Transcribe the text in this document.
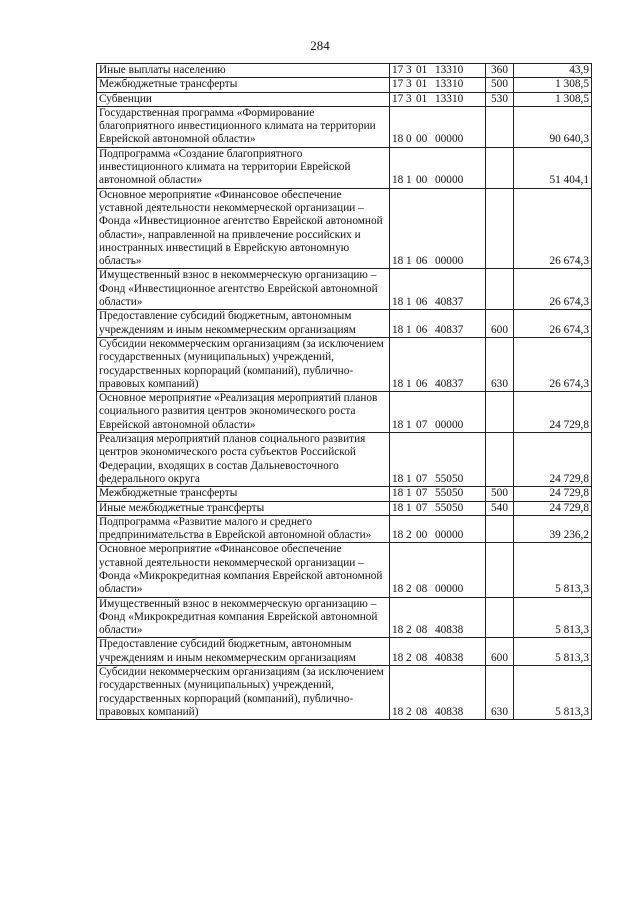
284
Иные выплаты населению	17 3 01 13310	360	43,9
Межбюджетные трансферты	17 3 01 13310	500	1 308,5
Субвенции	17 3 01 13310	530	1 308,5
Государственная программа «Формирование благоприятного инвестиционного климата на территории Еврейской автономной области»	18 0 00 00000		90 640,3
Подпрограмма «Создание благоприятного инвестиционного климата на территории Еврейской автономной области»	18 1 00 00000		51 404,1
Основное мероприятие «Финансовое обеспечение уставной деятельности некоммерческой организации – Фонда «Инвестиционное агентство Еврейской автономной области», направленной на привлечение российских и иностранных инвестиций в Еврейскую автономную область»	18 1 06 00000		26 674,3
Имущественный взнос в некоммерческую организацию – Фонд «Инвестиционное агентство Еврейской автономной области»	18 1 06 40837		26 674,3
Предоставление субсидий бюджетным, автономным учреждениям и иным некоммерческим организациям	18 1 06 40837	600	26 674,3
Субсидии некоммерческим организациям (за исключением государственных (муниципальных) учреждений, государственных корпораций (компаний), публично-правовых компаний)	18 1 06 40837	630	26 674,3
Основное мероприятие «Реализация мероприятий планов социального развития центров экономического роста Еврейской автономной области»	18 1 07 00000		24 729,8
Реализация мероприятий планов социального развития центров экономического роста субъектов Российской Федерации, входящих в состав Дальневосточного федерального округа	18 1 07 55050		24 729,8
Межбюджетные трансферты	18 1 07 55050	500	24 729,8
Иные межбюджетные трансферты	18 1 07 55050	540	24 729,8
Подпрограмма «Развитие малого и среднего предпринимательства в Еврейской автономной области»	18 2 00 00000		39 236,2
Основное мероприятие «Финансовое обеспечение уставной деятельности некоммерческой организации – Фонда «Микрокредитная компания Еврейской автономной области»	18 2 08 00000		5 813,3
Имущественный взнос в некоммерческую организацию – Фонд «Микрокредитная компания Еврейской автономной области»	18 2 08 40838		5 813,3
Предоставление субсидий бюджетным, автономным учреждениям и иным некоммерческим организациям	18 2 08 40838	600	5 813,3
Субсидии некоммерческим организациям (за исключением государственных (муниципальных) учреждений, государственных корпораций (компаний), публично-правовых компаний)	18 2 08 40838	630	5 813,3
